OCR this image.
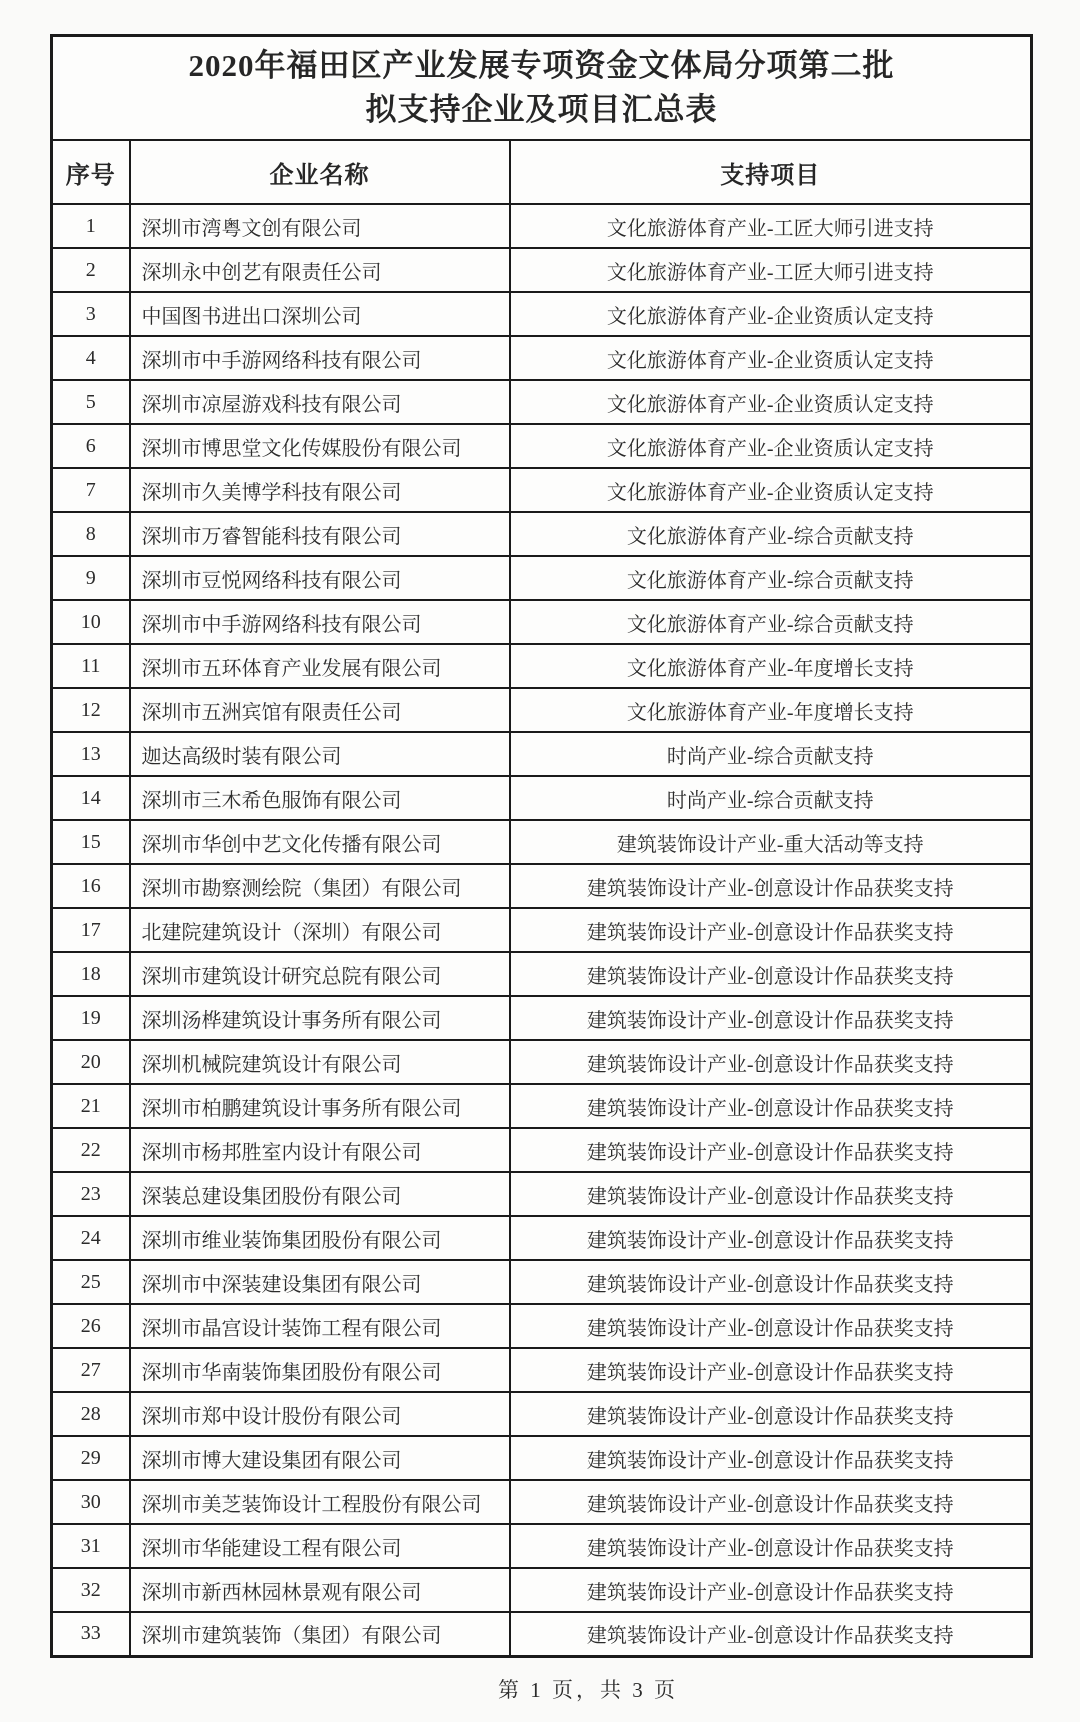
2020年福田区产业发展专项资金文体局分项第二批
拟支持企业及项目汇总表		

序号	企业名称	支持项目
1	深圳市湾粤文创有限公司	文化旅游体育产业-工匠大师引进支持
2	深圳永中创艺有限责任公司	文化旅游体育产业-工匠大师引进支持
3	中国图书进出口深圳公司	文化旅游体育产业-企业资质认定支持
4	深圳市中手游网络科技有限公司	文化旅游体育产业-企业资质认定支持
5	深圳市凉屋游戏科技有限公司	文化旅游体育产业-企业资质认定支持
6	深圳市博思堂文化传媒股份有限公司	文化旅游体育产业-企业资质认定支持
7	深圳市久美博学科技有限公司	文化旅游体育产业-企业资质认定支持
8	深圳市万睿智能科技有限公司	文化旅游体育产业-综合贡献支持
9	深圳市豆悦网络科技有限公司	文化旅游体育产业-综合贡献支持
10	深圳市中手游网络科技有限公司	文化旅游体育产业-综合贡献支持
11	深圳市五环体育产业发展有限公司	文化旅游体育产业-年度增长支持
12	深圳市五洲宾馆有限责任公司	文化旅游体育产业-年度增长支持
13	迦达高级时装有限公司	时尚产业-综合贡献支持
14	深圳市三木希色服饰有限公司	时尚产业-综合贡献支持
15	深圳市华创中艺文化传播有限公司	建筑装饰设计产业-重大活动等支持
16	深圳市勘察测绘院（集团）有限公司	建筑装饰设计产业-创意设计作品获奖支持
17	北建院建筑设计（深圳）有限公司	建筑装饰设计产业-创意设计作品获奖支持
18	深圳市建筑设计研究总院有限公司	建筑装饰设计产业-创意设计作品获奖支持
19	深圳汤桦建筑设计事务所有限公司	建筑装饰设计产业-创意设计作品获奖支持
20	深圳机械院建筑设计有限公司	建筑装饰设计产业-创意设计作品获奖支持
21	深圳市柏鹏建筑设计事务所有限公司	建筑装饰设计产业-创意设计作品获奖支持
22	深圳市杨邦胜室内设计有限公司	建筑装饰设计产业-创意设计作品获奖支持
23	深装总建设集团股份有限公司	建筑装饰设计产业-创意设计作品获奖支持
24	深圳市维业装饰集团股份有限公司	建筑装饰设计产业-创意设计作品获奖支持
25	深圳市中深装建设集团有限公司	建筑装饰设计产业-创意设计作品获奖支持
26	深圳市晶宫设计装饰工程有限公司	建筑装饰设计产业-创意设计作品获奖支持
27	深圳市华南装饰集团股份有限公司	建筑装饰设计产业-创意设计作品获奖支持
28	深圳市郑中设计股份有限公司	建筑装饰设计产业-创意设计作品获奖支持
29	深圳市博大建设集团有限公司	建筑装饰设计产业-创意设计作品获奖支持
30	深圳市美芝装饰设计工程股份有限公司	建筑装饰设计产业-创意设计作品获奖支持
31	深圳市华能建设工程有限公司	建筑装饰设计产业-创意设计作品获奖支持
32	深圳市新西林园林景观有限公司	建筑装饰设计产业-创意设计作品获奖支持
33	深圳市建筑装饰（集团）有限公司	建筑装饰设计产业-创意设计作品获奖支持
第 1 页，共 3 页
